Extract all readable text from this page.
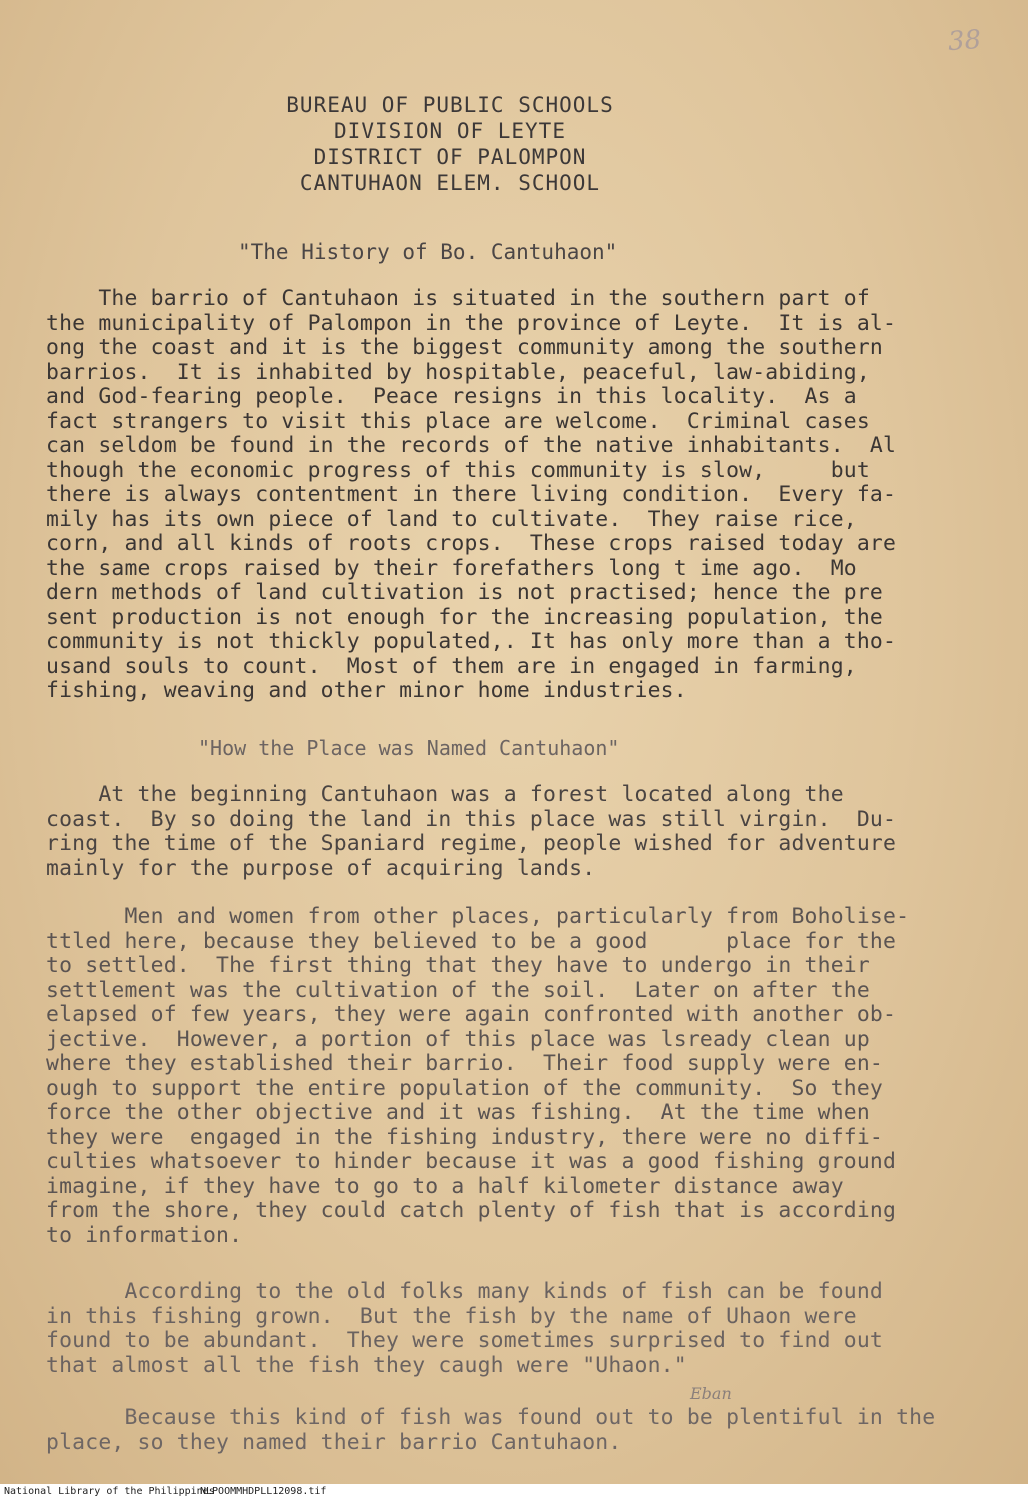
38
BUREAU OF PUBLIC SCHOOLS
DIVISION OF LEYTE
DISTRICT OF PALOMPON
CANTUHAON ELEM. SCHOOL
"The History of Bo. Cantuhaon"
The barrio of Cantuhaon is situated in the southern part of
the municipality of Palompon in the province of Leyte.  It is al-
ong the coast and it is the biggest community among the southern
barrios.  It is inhabited by hospitable, peaceful, law-abiding,
and God-fearing people.  Peace resigns in this locality.  As a
fact strangers to visit this place are welcome.  Criminal cases
can seldom be found in the records of the native inhabitants.  Al
though the economic progress of this community is slow,     but
there is always contentment in there living condition.  Every fa-
mily has its own piece of land to cultivate.  They raise rice,
corn, and all kinds of roots crops.  These crops raised today are
the same crops raised by their forefathers long t ime ago.  Mo
dern methods of land cultivation is not practised; hence the pre
sent production is not enough for the increasing population, the
community is not thickly populated,. It has only more than a tho-
usand souls to count.  Most of them are in engaged in farming,
fishing, weaving and other minor home industries.
"How the Place was Named Cantuhaon"
At the beginning Cantuhaon was a forest located along the
coast.  By so doing the land in this place was still virgin.  Du-
ring the time of the Spaniard regime, people wished for adventure
mainly for the purpose of acquiring lands.
Men and women from other places, particularly from Boholise-
ttled here, because they believed to be a good      place for the
to settled.  The first thing that they have to undergo in their
settlement was the cultivation of the soil.  Later on after the
elapsed of few years, they were again confronted with another ob-
jective.  However, a portion of this place was lsready clean up
where they established their barrio.  Their food supply were en-
ough to support the entire population of the community.  So they
force the other objective and it was fishing.  At the time when
they were  engaged in the fishing industry, there were no diffi-
culties whatsoever to hinder because it was a good fishing ground
imagine, if they have to go to a half kilometer distance away
from the shore, they could catch plenty of fish that is according
to information.
According to the old folks many kinds of fish can be found
in this fishing grown.  But the fish by the name of Uhaon were
found to be abundant.  They were sometimes surprised to find out
that almost all the fish they caugh were "Uhaon."
Eban
Because this kind of fish was found out to be plentiful in the
place, so they named their barrio Cantuhaon.
National Library of the Philippines
NLPOOMMHDPLL12098.tif
